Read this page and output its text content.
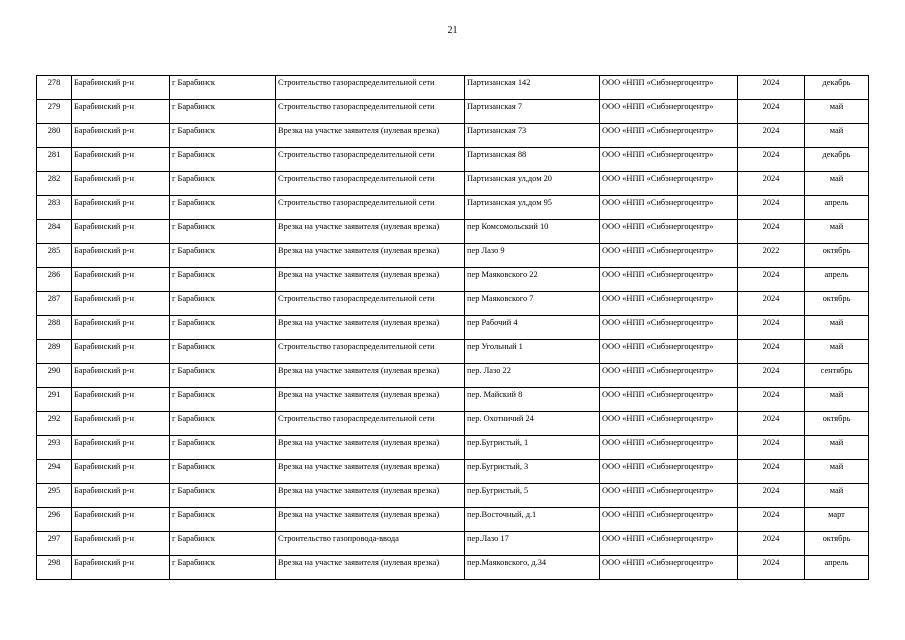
21
278	Барабинский р-н	г Барабинск	Строительство газораспределительной сети	Партизанская 142	ООО «НПП «Сибэнергоцентр»	2024	декабрь
279	Барабинский р-н	г Барабинск	Строительство газораспределительной сети	Партизанская 7	ООО «НПП «Сибэнергоцентр»	2024	май
280	Барабинский р-н	г Барабинск	Врезка на участке заявителя (нулевая врезка)	Партизанская 73	ООО «НПП «Сибэнергоцентр»	2024	май
281	Барабинский р-н	г Барабинск	Строительство газораспределительной сети	Партизанская 88	ООО «НПП «Сибэнергоцентр»	2024	декабрь
282	Барабинский р-н	г Барабинск	Строительство газораспределительной сети	Партизанская ул,дом 20	ООО «НПП «Сибэнергоцентр»	2024	май
283	Барабинский р-н	г Барабинск	Строительство газораспределительной сети	Партизанская ул,дом 95	ООО «НПП «Сибэнергоцентр»	2024	апрель
284	Барабинский р-н	г Барабинск	Врезка на участке заявителя (нулевая врезка)	пер Комсомольский 10	ООО «НПП «Сибэнергоцентр»	2024	май
285	Барабинский р-н	г Барабинск	Врезка на участке заявителя (нулевая врезка)	пер Лазо 9	ООО «НПП «Сибэнергоцентр»	2022	октябрь
286	Барабинский р-н	г Барабинск	Врезка на участке заявителя (нулевая врезка)	пер Маяковского 22	ООО «НПП «Сибэнергоцентр»	2024	апрель
287	Барабинский р-н	г Барабинск	Строительство газораспределительной сети	пер Маяковского 7	ООО «НПП «Сибэнергоцентр»	2024	октябрь
288	Барабинский р-н	г Барабинск	Врезка на участке заявителя (нулевая врезка)	пер Рабочий 4	ООО «НПП «Сибэнергоцентр»	2024	май
289	Барабинский р-н	г Барабинск	Строительство газораспределительной сети	пер Угольный 1	ООО «НПП «Сибэнергоцентр»	2024	май
290	Барабинский р-н	г Барабинск	Врезка на участке заявителя (нулевая врезка)	пер. Лазо 22	ООО «НПП «Сибэнергоцентр»	2024	сентябрь
291	Барабинский р-н	г Барабинск	Врезка на участке заявителя (нулевая врезка)	пер. Майский 8	ООО «НПП «Сибэнергоцентр»	2024	май
292	Барабинский р-н	г Барабинск	Строительство газораспределительной сети	пер. Охотничий 24	ООО «НПП «Сибэнергоцентр»	2024	октябрь
293	Барабинский р-н	г Барабинск	Врезка на участке заявителя (нулевая врезка)	пер.Бугристый, 1	ООО «НПП «Сибэнергоцентр»	2024	май
294	Барабинский р-н	г Барабинск	Врезка на участке заявителя (нулевая врезка)	пер.Бугристый, 3	ООО «НПП «Сибэнергоцентр»	2024	май
295	Барабинский р-н	г Барабинск	Врезка на участке заявителя (нулевая врезка)	пер.Бугристый, 5	ООО «НПП «Сибэнергоцентр»	2024	май
296	Барабинский р-н	г Барабинск	Врезка на участке заявителя (нулевая врезка)	пер.Восточный, д.1	ООО «НПП «Сибэнергоцентр»	2024	март
297	Барабинский р-н	г Барабинск	Строительство газопровода-ввода	пер.Лазо 17	ООО «НПП «Сибэнергоцентр»	2024	октябрь
298	Барабинский р-н	г Барабинск	Врезка на участке заявителя (нулевая врезка)	пер.Маяковского, д.34	ООО «НПП «Сибэнергоцентр»	2024	апрель
